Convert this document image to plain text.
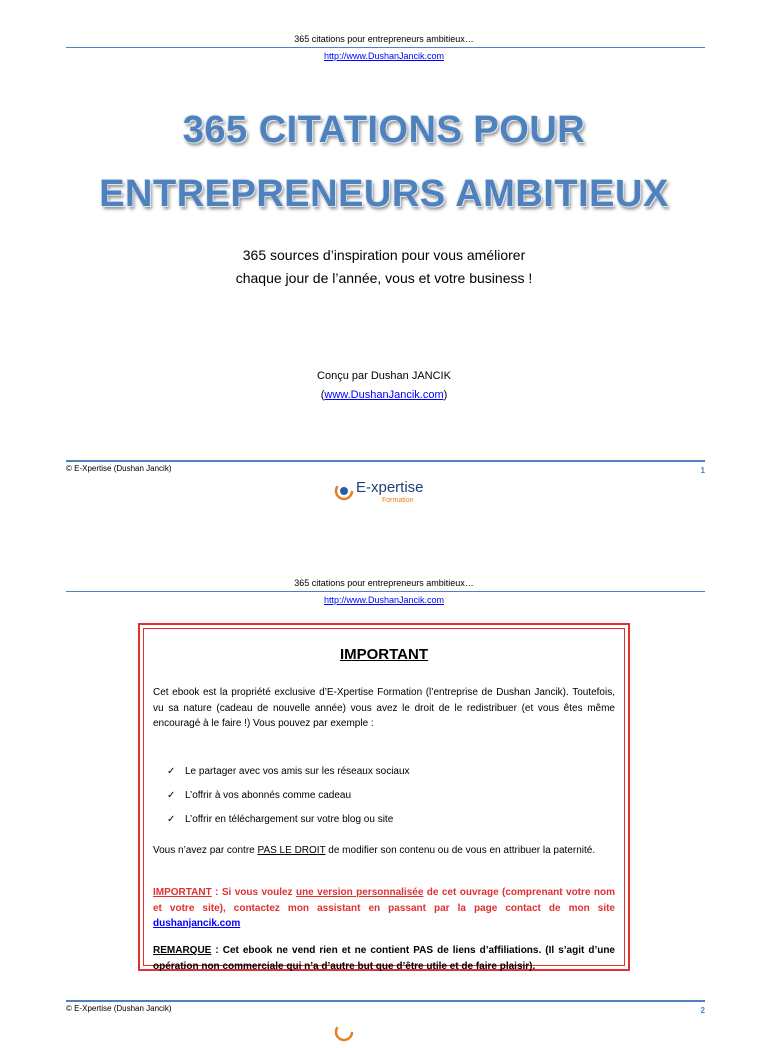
365 citations pour entrepreneurs ambitieux…
http://www.DushanJancik.com
365 CITATIONS POUR
ENTREPRENEURS AMBITIEUX
365 sources d’inspiration pour vous améliorer
chaque jour de l’année, vous et votre business !
Conçu par Dushan JANCIK
(www.DushanJancik.com)
© E-Xpertise (Dushan Jancik)	1
E-xpertise
Formation
365 citations pour entrepreneurs ambitieux…
http://www.DushanJancik.com
IMPORTANT
Cet ebook est la propriété exclusive d’E-Xpertise Formation (l’entreprise de Dushan Jancik). Toutefois, vu sa nature (cadeau de nouvelle année) vous avez le droit de le redistribuer (et vous êtes même encouragé à le faire !) Vous pouvez par exemple :
✓ Le partager avec vos amis sur les réseaux sociaux
✓ L’offrir à vos abonnés comme cadeau
✓ L’offrir en téléchargement sur votre blog ou site
Vous n’avez par contre PAS LE DROIT de modifier son contenu ou de vous en attribuer la paternité.
IMPORTANT : Si vous voulez une version personnalisée de cet ouvrage (comprenant votre nom et votre site), contactez mon assistant en passant par la page contact de mon site dushanjancik.com
REMARQUE : Cet ebook ne vend rien et ne contient PAS de liens d’affiliations. (Il s’agit d’une opération non commerciale qui n’a d’autre but que d’être utile et de faire plaisir).
© E-Xpertise (Dushan Jancik)	2
